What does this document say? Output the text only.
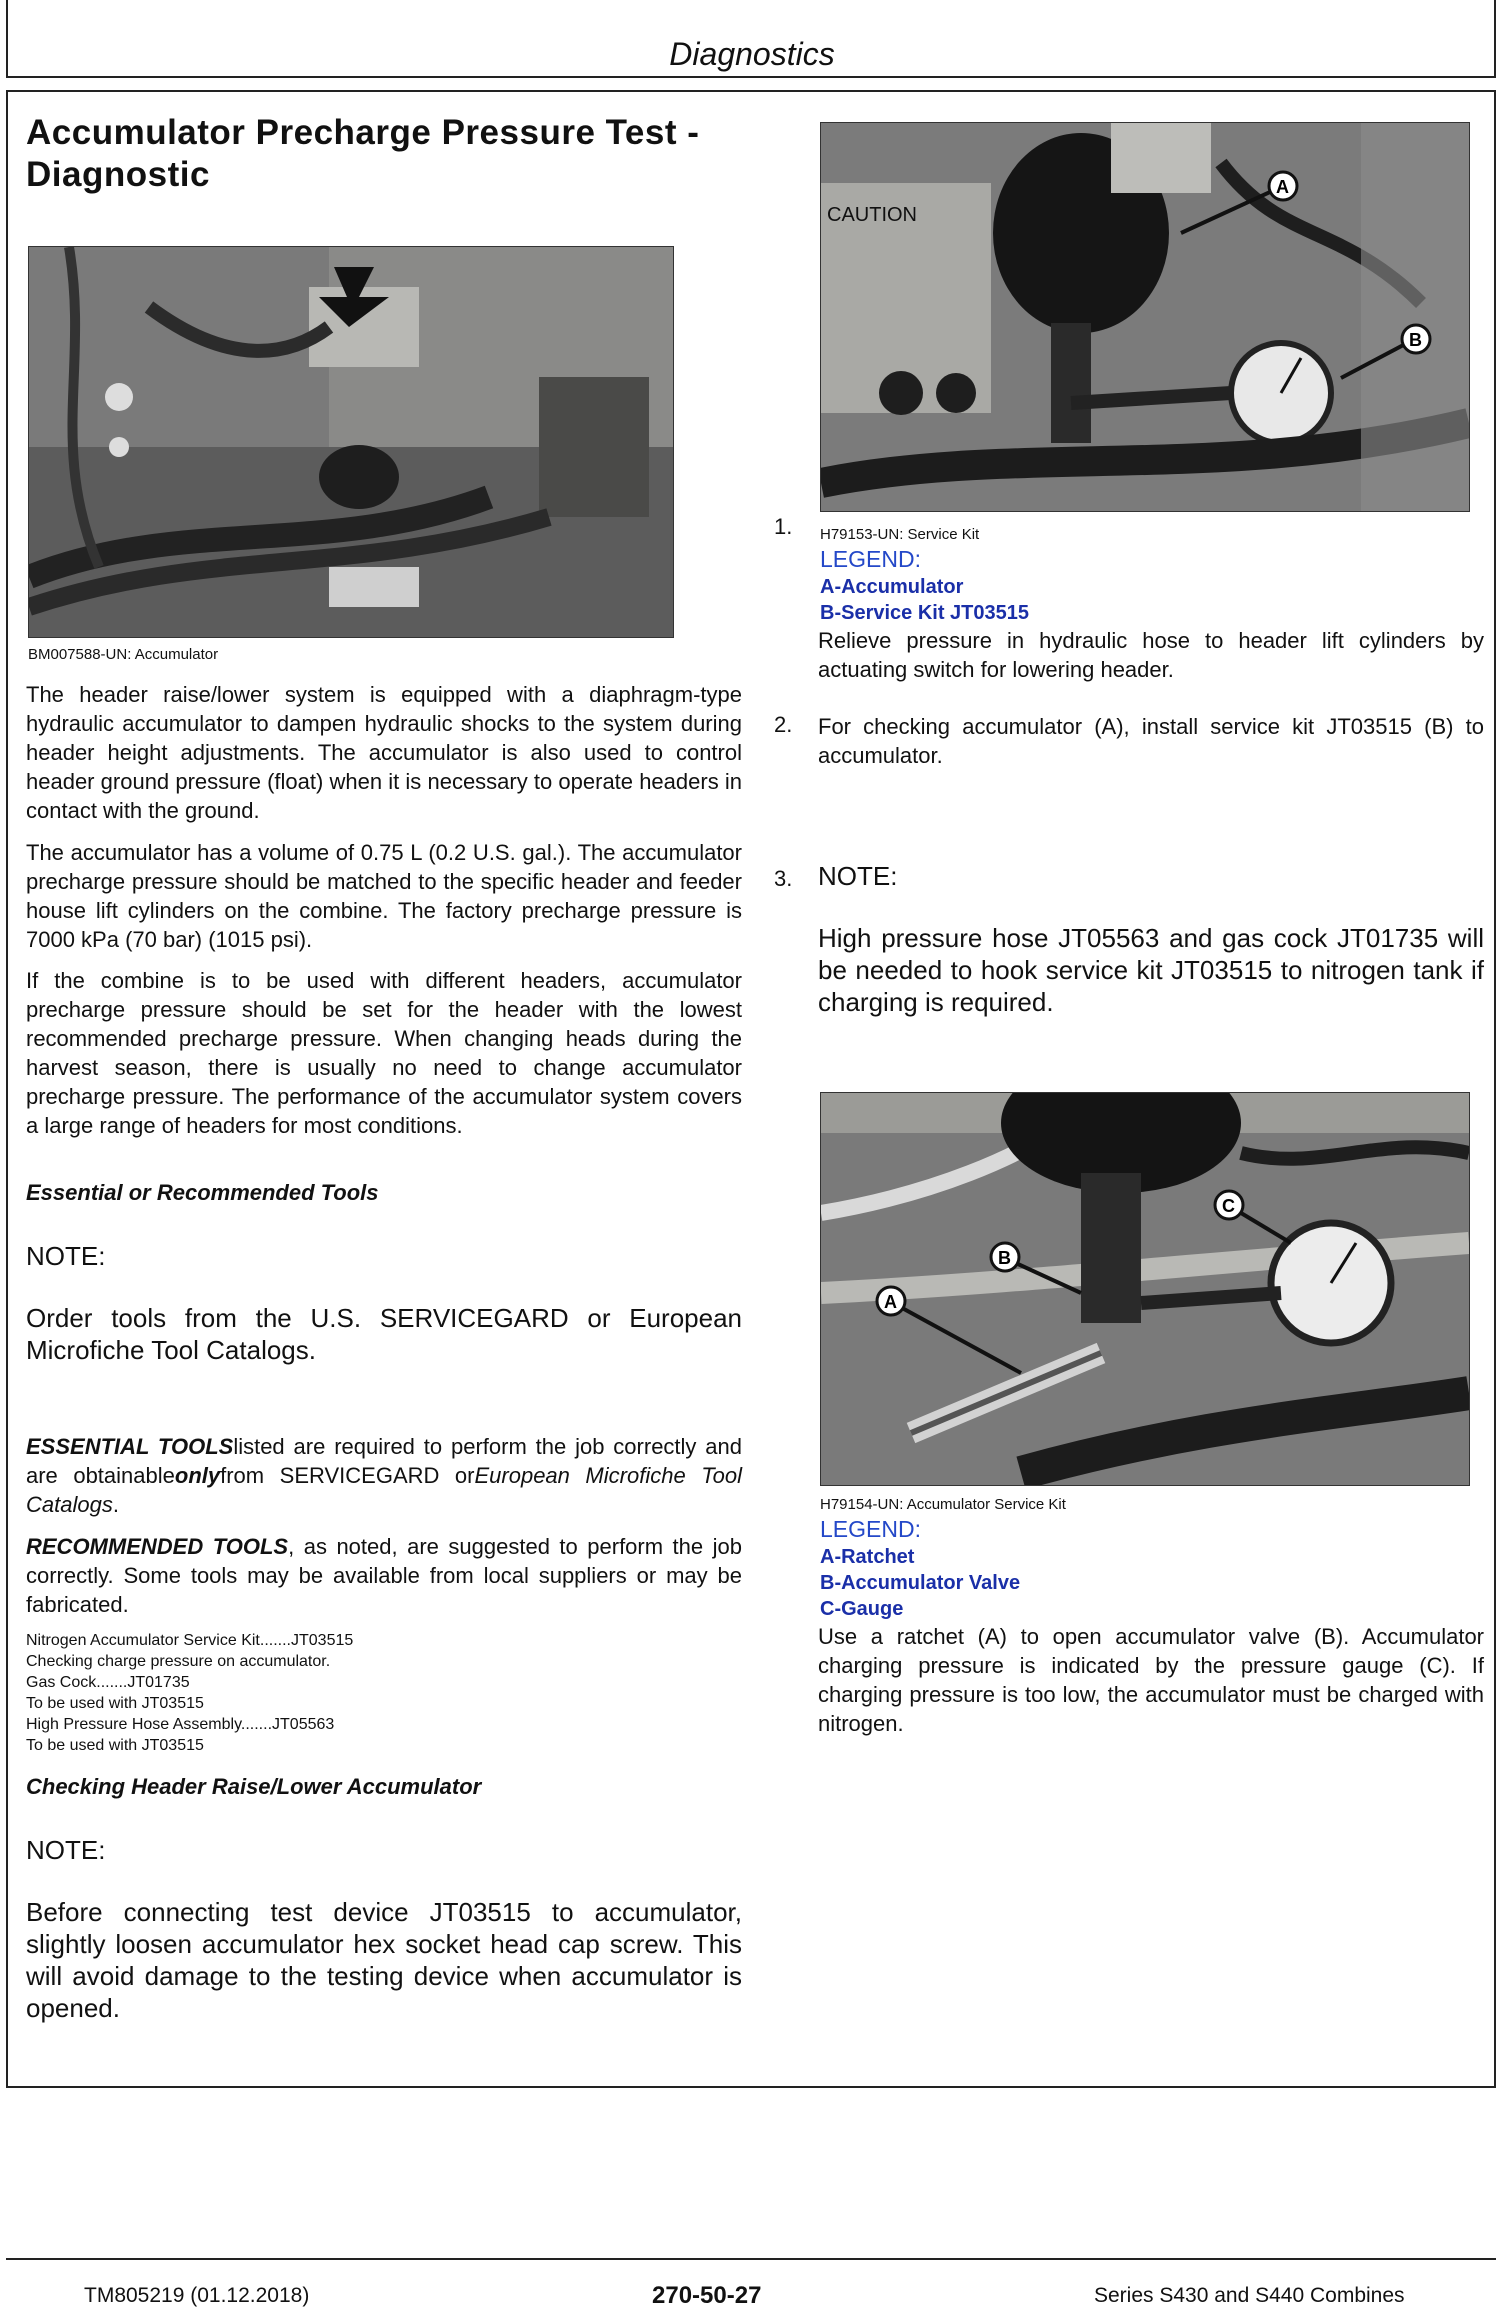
Diagnostics
Accumulator Precharge Pressure Test -
Diagnostic
BM007588-UN: Accumulator

The header raise/lower system is equipped with a diaphragm-type hydraulic accumulator to dampen hydraulic shocks to the system during header height adjustments. The accumulator is also used to control header ground pressure (float) when it is necessary to operate headers in contact with the ground.

The accumulator has a volume of 0.75 L (0.2 U.S. gal.). The accumulator precharge pressure should be matched to the specific header and feeder house lift cylinders on the combine. The factory precharge pressure is 7000 kPa (70 bar) (1015 psi).

If the combine is to be used with different headers, accumulator precharge pressure should be set for the header with the lowest recommended precharge pressure. When changing heads during the harvest season, there is usually no need to change accumulator precharge pressure. The performance of the accumulator system covers a large range of headers for most conditions.

Essential or Recommended Tools
NOTE:

Order tools from the U.S. SERVICEGARD or European Microfiche Tool Catalogs.

ESSENTIAL TOOLSlisted are required to perform the job correctly and are obtainableonlyfrom SERVICEGARD orEuropean Microfiche Tool Catalogs.

RECOMMENDED TOOLS, as noted, are suggested to perform the job correctly. Some tools may be available from local suppliers or may be fabricated.

Nitrogen Accumulator Service Kit.......JT03515
Checking charge pressure on accumulator.
Gas Cock.......JT01735
To be used with JT03515
High Pressure Hose Assembly.......JT05563
To be used with JT03515
Checking Header Raise/Lower Accumulator
NOTE:

Before connecting test device JT03515 to accumulator, slightly loosen accumulator hex socket head cap screw. This will avoid damage to the testing device when accumulator is opened.

CAUTION
A
B
1. H79153-UN: Service Kit
LEGEND:
A-Accumulator
B-Service Kit JT03515

Relieve pressure in hydraulic hose to header lift cylinders by actuating switch for lowering header.

2. For checking accumulator (A), install service kit JT03515 (B) to accumulator.

3. NOTE:

High pressure hose JT05563 and gas cock JT01735 will be needed to hook service kit JT03515 to nitrogen tank if charging is required.

A
B
C
H79154-UN: Accumulator Service Kit
LEGEND:
A-Ratchet
B-Accumulator Valve
C-Gauge

Use a ratchet (A) to open accumulator valve (B). Accumulator charging pressure is indicated by the pressure gauge (C). If charging pressure is too low, the accumulator must be charged with nitrogen.

TM805219 (01.12.2018)	270-50-27	Series S430 and S440 Combines
